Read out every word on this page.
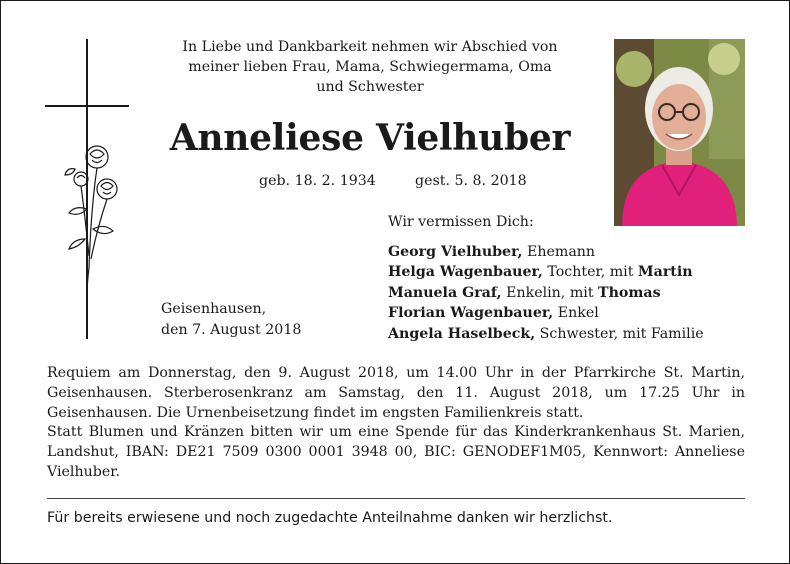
In Liebe und Dankbarkeit nehmen wir Abschied von
meiner lieben Frau, Mama, Schwiegermama, Oma
und Schwester
Anneliese Vielhuber
geb. 18. 2. 1934	gest. 5. 8. 2018
Wir vermissen Dich:
Georg Vielhuber, Ehemann
Helga Wagenbauer, Tochter, mit Martin
Manuela Graf, Enkelin, mit Thomas
Florian Wagenbauer, Enkel
Angela Haselbeck, Schwester, mit Familie
Geisenhausen,
den 7. August 2018

Requiem am Donnerstag, den 9. August 2018, um 14.00 Uhr in der Pfarrkirche St. Martin, Geisenhausen. Sterberosenkranz am Samstag, den 11. August 2018, um 17.25 Uhr in Geisenhausen. Die Urnenbeisetzung findet im engsten Familienkreis statt.

Statt Blumen und Kränzen bitten wir um eine Spende für das Kinderkrankenhaus St. Marien, Landshut, IBAN: DE21 7509 0300 0001 3948 00, BIC: GENODEF1M05, Kennwort: Anneliese Vielhuber.

Für bereits erwiesene und noch zugedachte Anteilnahme danken wir herzlichst.
